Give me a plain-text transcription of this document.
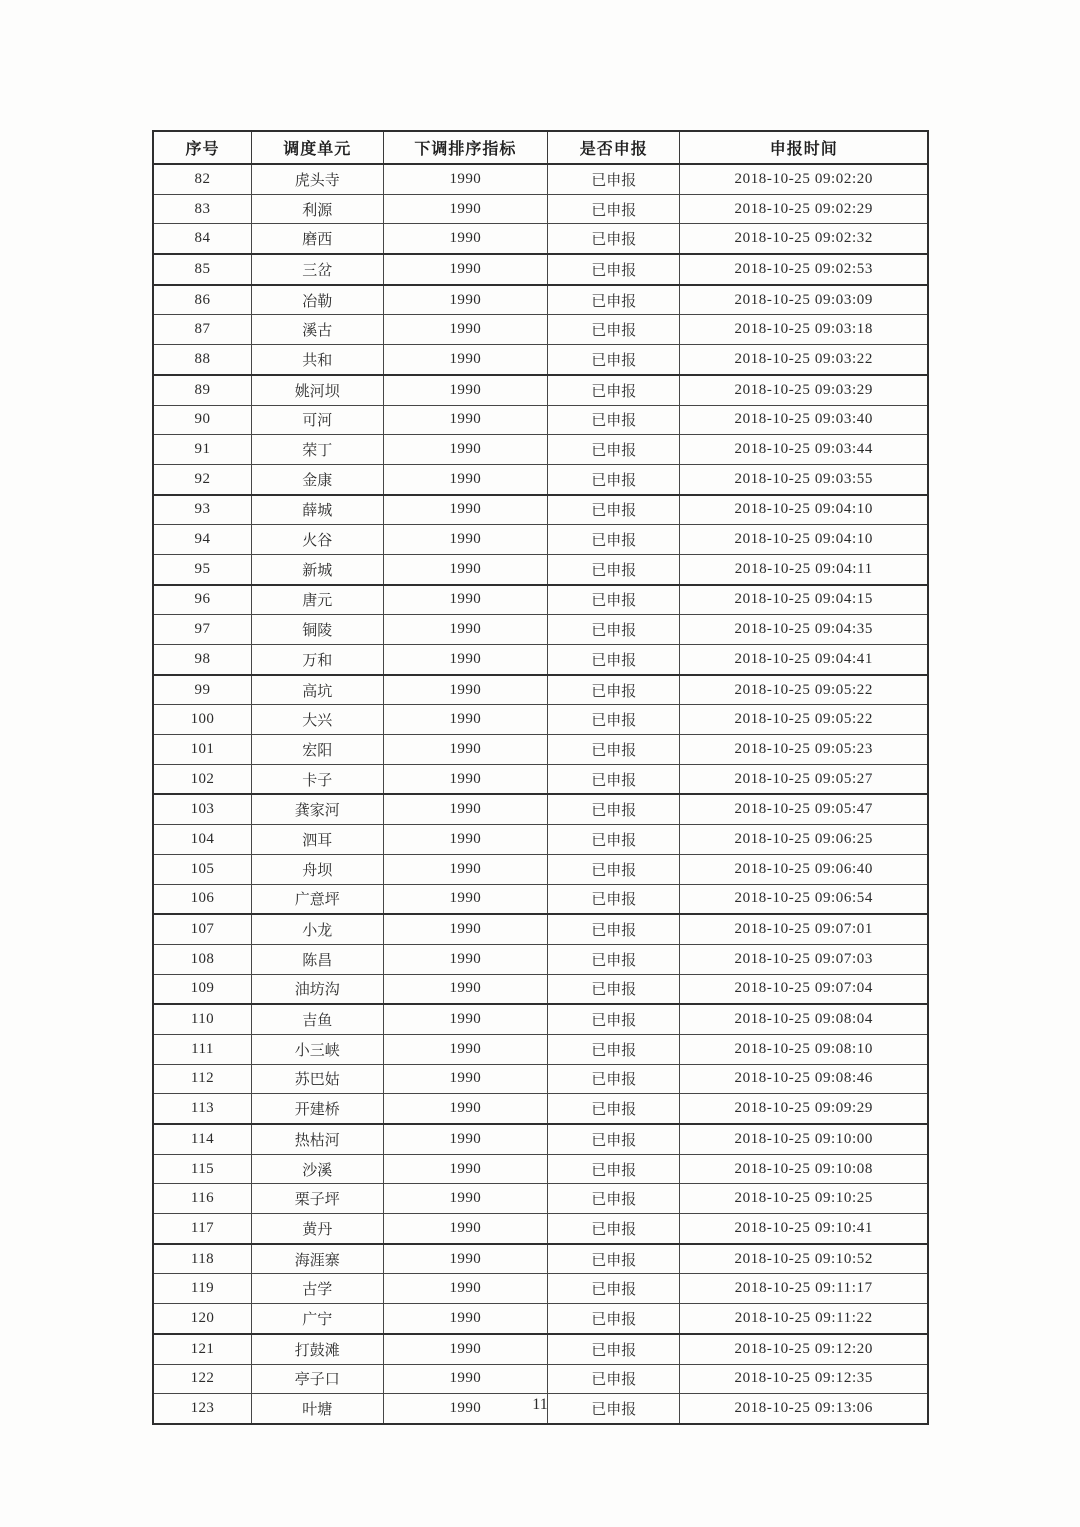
序号	调度单元	下调排序指标	是否申报	申报时间
82	虎头寺	1990	已申报	2018-10-25 09:02:20
83	利源	1990	已申报	2018-10-25 09:02:29
84	磨西	1990	已申报	2018-10-25 09:02:32
85	三岔	1990	已申报	2018-10-25 09:02:53
86	冶勒	1990	已申报	2018-10-25 09:03:09
87	溪古	1990	已申报	2018-10-25 09:03:18
88	共和	1990	已申报	2018-10-25 09:03:22
89	姚河坝	1990	已申报	2018-10-25 09:03:29
90	可河	1990	已申报	2018-10-25 09:03:40
91	荣丁	1990	已申报	2018-10-25 09:03:44
92	金康	1990	已申报	2018-10-25 09:03:55
93	薛城	1990	已申报	2018-10-25 09:04:10
94	火谷	1990	已申报	2018-10-25 09:04:10
95	新城	1990	已申报	2018-10-25 09:04:11
96	唐元	1990	已申报	2018-10-25 09:04:15
97	铜陵	1990	已申报	2018-10-25 09:04:35
98	万和	1990	已申报	2018-10-25 09:04:41
99	高坑	1990	已申报	2018-10-25 09:05:22
100	大兴	1990	已申报	2018-10-25 09:05:22
101	宏阳	1990	已申报	2018-10-25 09:05:23
102	卡子	1990	已申报	2018-10-25 09:05:27
103	龚家河	1990	已申报	2018-10-25 09:05:47
104	泗耳	1990	已申报	2018-10-25 09:06:25
105	舟坝	1990	已申报	2018-10-25 09:06:40
106	广意坪	1990	已申报	2018-10-25 09:06:54
107	小龙	1990	已申报	2018-10-25 09:07:01
108	陈昌	1990	已申报	2018-10-25 09:07:03
109	油坊沟	1990	已申报	2018-10-25 09:07:04
110	吉鱼	1990	已申报	2018-10-25 09:08:04
111	小三峡	1990	已申报	2018-10-25 09:08:10
112	苏巴姑	1990	已申报	2018-10-25 09:08:46
113	开建桥	1990	已申报	2018-10-25 09:09:29
114	热枯河	1990	已申报	2018-10-25 09:10:00
115	沙溪	1990	已申报	2018-10-25 09:10:08
116	栗子坪	1990	已申报	2018-10-25 09:10:25
117	黄丹	1990	已申报	2018-10-25 09:10:41
118	海涯寨	1990	已申报	2018-10-25 09:10:52
119	古学	1990	已申报	2018-10-25 09:11:17
120	广宁	1990	已申报	2018-10-25 09:11:22
121	打鼓滩	1990	已申报	2018-10-25 09:12:20
122	亭子口	1990	已申报	2018-10-25 09:12:35
123	叶塘	1990	已申报	2018-10-25 09:13:06
11
